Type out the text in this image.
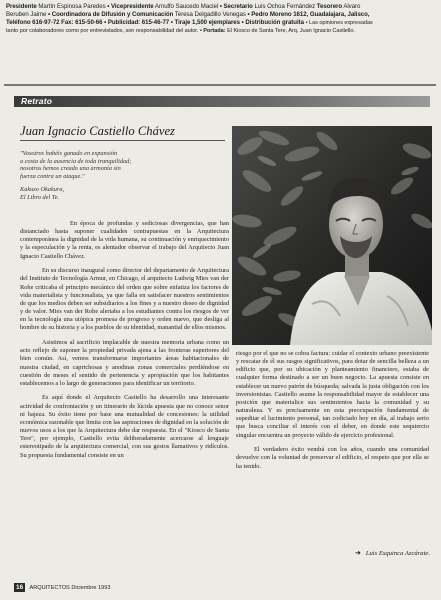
Presidente Martín Espinosa Paredes • Vicepresidente Arnulfo Saucedo Maciel • Secretario Luis Ochoa Fernández Tesorero Alvaro
Beruben Jaime • Coordinadora de Difusión y Comunicación Teresa Delgadillo Venegas • Pedro Moreno 1612, Guadalajara, Jalisco,
Teléfono 616-97-72 Fax: 615-50-66 • Publicidad: 615-46-77 • Tiraje 1,500 ejemplares • Distribución gratuita • Las opiniones expresadas
tanto por colaboradores como por entrevistados, son responsabilidad del autor. • Portada: El Kiosco de Santa Tere, Arq. Juan Ignacio Castiello.
Retrato
Juan Ignacio Castiello Chávez
"Vosotros habéis ganado en expansión
a costa de la ausencia de toda tranquilidad;
nosotros hemos creado una armonía sin
fuerza contra un ataque."
Kakuzo Okakura,
El Libro del Te.

En época de profundas y sediciosas divergencias, que han distanciado hasta suponer cualidades contrapuestas en la Arquitectura contemporánea la dignidad de la vida humana, su continuación y enriquecimiento y la especulación y la renta, es alentador observar el trabajo del Arquitecto Juan Ignacio Castiello Chávez.

En su discurso inaugural como director del departamento de Arquitectura del Instituto de Tecnología Armur, en Chicago, el arquitecto Ludwig Mies van der Rohe criticaba el principio mecánico del orden que sobre enfatiza los factores de vida materialista y funcionalista, ya que falla en satisfacer nuestros sentimientos de que los medios deben ser subsidiarios a los fines y a nuestro deseo de dignidad y de valor. Mies van der Rohe alertaba a los estudiantes contra los riesgos de ver en la tecnología una utópica promesa de progreso y orden nuevo, que desliga al hombre de su historia y a los pueblos de su identidad, manantial de ellos mismos.

Asistimos al sacrificio implacable de nuestra memoria urbana como un acto reflejo de suponer la propiedad privada ajena a las fronteras superiores del bien común. Así, vemos transformarse importantes áreas habitacionales de nuestra ciudad, en caprichosas y anodinas zonas comerciales perdiéndose en cuestión de meses el sentido de pertenencia y apropiación que los habitantes establecemos a lo largo de generaciones para identificar un territorio.

Es aquí donde el Arquitecto Castiello ha desarrollo una interesante actividad de confrontación y un itinerario de lúcida apuesta que no conoce senor ni bajeza. Su éxito tiene por base una mutualidad de concesiones: la utilidad económica razonable que limita con las aspiraciones de dignidad en la solución de nuevos usos a los que la Arquitectura debe dar respuesta. En el "Kiosco de Santa Tere", por ejemplo, Castiello evita deliberadamente acercarse al lenguaje estereotipado de la arquitectura comercial, con sus gestos llamativos y ridículos. Su propuesta fundamental consiste en un

riesgo por el que no se cobra factura: cuidar el contexto urbano preexistente y rescatar de él sus rasgos significativos, para dotar de sencilla belleza a un edificio que, por su ubicación y planteamiento financiero, estaba de cualquier forma destinado a ser un buen negocio. La apuesta consiste en establecer un nuevo patrón de búsqueda; salvada la justa obligación con los inversionistas. Castiello asume la responsabilidad mayor de establecer una posición que materialice sus sentimientos hacia la comunidad y su naturaleza. Y es precisamente en esta preocupación fundamental de supeditar el lucimiento personal, tan codiciado hoy en día, al trabajo serio que busca conciliar el interés con el deber, en donde este sequiercto singular encuentra un proyecto válido de ejercicio profesional.

El verdadero éxito vendrá con los años, cuando una comunidad devuelve con la voluntad de preservar el edificio, el respeto que por ella se ha tenido.

➜ Luis Esquinca Azcárate.
16 ARQUITECTOS Diciembre 1993
